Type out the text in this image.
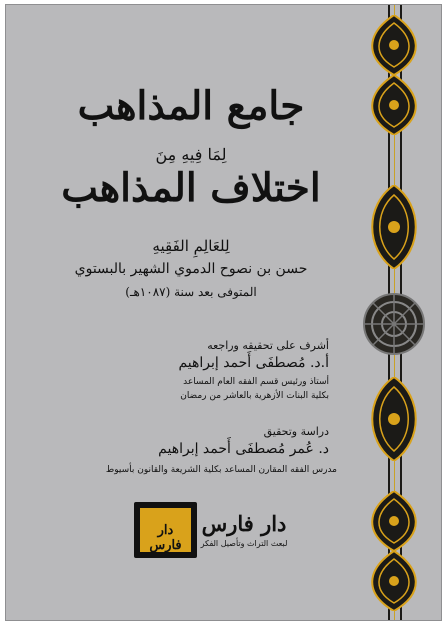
جامع المذاهب
لِمَا فِيهِ مِنَ
اختلاف المذاهب
لِلعَالِمِ الفَقِيهِ
حسن بن نصوح الدموي الشهير بالبستوي
المتوفى بعد سنة (١٠٨٧هـ)
أشرف على تحقيقه وراجعه
أ.د. مُصطفَى أَحمد إبراهيم
أستاذ ورئيس قسم الفقه العام المساعد
بكلية البنات الأزهرية بالعاشر من رمضان
دراسة وتحقيق
د. عُمر مُصطفَى أَحمد إبراهيم
مدرس الفقه المقارن المساعد بكلية الشريعة والقانون بأسيوط
دار فارس
دار فارس
لبعث التراث وتأصيل الفكر
